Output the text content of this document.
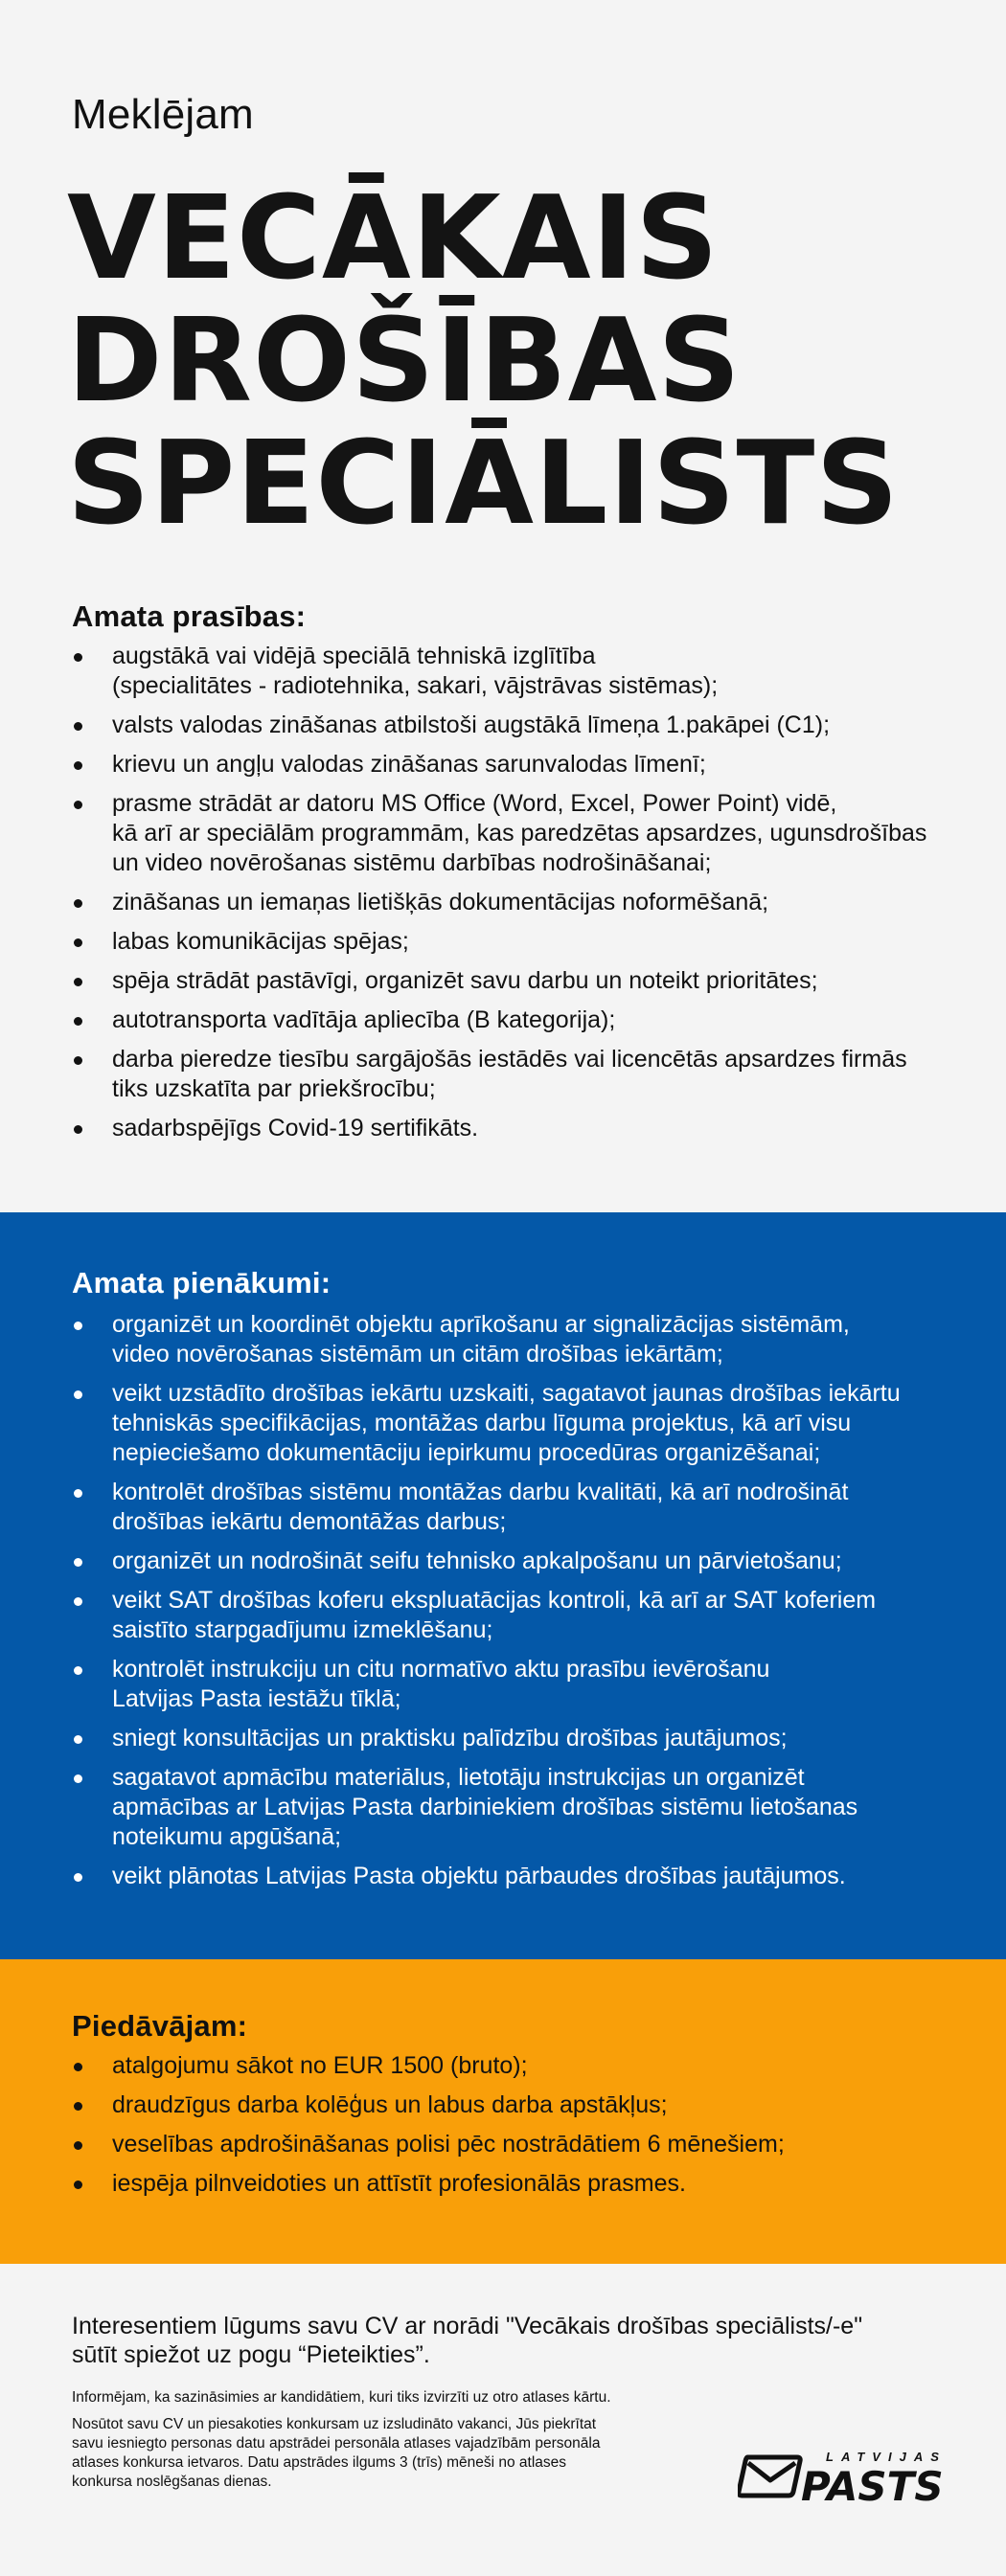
Meklējam
VECĀKAIS
DROŠĪBAS
SPECIĀLISTS
Amata prasības:
augstākā vai vidējā speciālā tehniskā izglītība
(specialitātes - radiotehnika, sakari, vājstrāvas sistēmas);
valsts valodas zināšanas atbilstoši augstākā līmeņa 1.pakāpei (C1);
krievu un angļu valodas zināšanas sarunvalodas līmenī;
prasme strādāt ar datoru MS Office (Word, Excel, Power Point) vidē,
kā arī ar speciālām programmām, kas paredzētas apsardzes, ugunsdrošības
un video novērošanas sistēmu darbības nodrošināšanai;
zināšanas un iemaņas lietišķās dokumentācijas noformēšanā;
labas komunikācijas spējas;
spēja strādāt pastāvīgi, organizēt savu darbu un noteikt prioritātes;
autotransporta vadītāja apliecība (B kategorija);
darba pieredze tiesību sargājošās iestādēs vai licencētās apsardzes firmās
tiks uzskatīta par priekšrocību;
sadarbspējīgs Covid-19 sertifikāts.
Amata pienākumi:
organizēt un koordinēt objektu aprīkošanu ar signalizācijas sistēmām,
video novērošanas sistēmām un citām drošības iekārtām;
veikt uzstādīto drošības iekārtu uzskaiti, sagatavot jaunas drošības iekārtu
tehniskās specifikācijas, montāžas darbu līguma projektus, kā arī visu
nepieciešamo dokumentāciju iepirkumu procedūras organizēšanai;
kontrolēt drošības sistēmu montāžas darbu kvalitāti, kā arī nodrošināt
drošības iekārtu demontāžas darbus;
organizēt un nodrošināt seifu tehnisko apkalpošanu un pārvietošanu;
veikt SAT drošības koferu ekspluatācijas kontroli, kā arī ar SAT koferiem
saistīto starpgadījumu izmeklēšanu;
kontrolēt instrukciju un citu normatīvo aktu prasību ievērošanu
Latvijas Pasta iestāžu tīklā;
sniegt konsultācijas un praktisku palīdzību drošības jautājumos;
sagatavot apmācību materiālus, lietotāju instrukcijas un organizēt
apmācības ar Latvijas Pasta darbiniekiem drošības sistēmu lietošanas
noteikumu apgūšanā;
veikt plānotas Latvijas Pasta objektu pārbaudes drošības jautājumos.
Piedāvājam:
atalgojumu sākot no EUR 1500 (bruto);
draudzīgus darba kolēģus un labus darba apstākļus;
veselības apdrošināšanas polisi pēc nostrādātiem 6 mēnešiem;
iespēja pilnveidoties un attīstīt profesionālās prasmes.
Interesentiem lūgums savu CV ar norādi "Vecākais drošības speciālists/-e"
sūtīt spiežot uz pogu “Pieteikties”.
Informējam, ka sazināsimies ar kandidātiem, kuri tiks izvirzīti uz otro atlases kārtu.
Nosūtot savu CV un piesakoties konkursam uz izsludināto vakanci, Jūs piekrītat
savu iesniegto personas datu apstrādei personāla atlases vajadzībām personāla
atlases konkursa ietvaros. Datu apstrādes ilgums 3 (trīs) mēneši no atlases
konkursa noslēgšanas dienas.
LATVIJAS
PASTS
